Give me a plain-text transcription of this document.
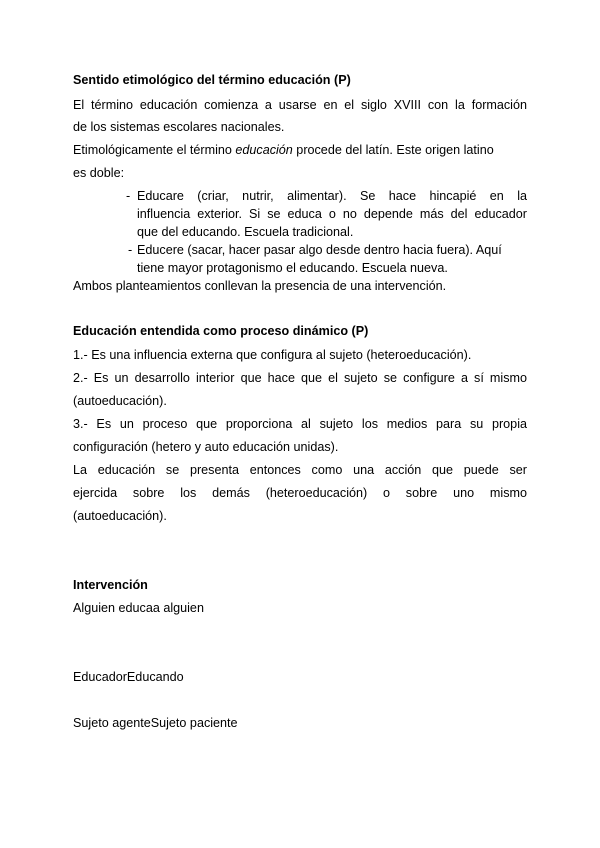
Sentido etimológico del término educación (P)
El término educación comienza a usarse en el siglo XVIII con la formación
de los sistemas escolares nacionales.
Etimológicamente el término educación procede del latín. Este origen latino
es doble:
- Educare (criar, nutrir, alimentar). Se hace hincapié en la
influencia exterior. Si se educa o no depende más del educador
que del educando. Escuela tradicional.
- Educere (sacar, hacer pasar algo desde dentro hacia fuera). Aquí
tiene mayor protagonismo el educando. Escuela nueva.
Ambos planteamientos conllevan la presencia de una intervención.
Educación entendida como proceso dinámico (P)
1.- Es una influencia externa que configura al sujeto (heteroeducación).
2.- Es un desarrollo interior que hace que el sujeto se configure a sí mismo
(autoeducación).
3.- Es un proceso que proporciona al sujeto los medios para su propia
configuración (hetero y auto educación unidas).
La educación se presenta entonces como una acción que puede ser
ejercida sobre los demás (heteroeducación) o sobre uno mismo
(autoeducación).
Intervención
Alguien educaa alguien
EducadorEducando
Sujeto agenteSujeto paciente
